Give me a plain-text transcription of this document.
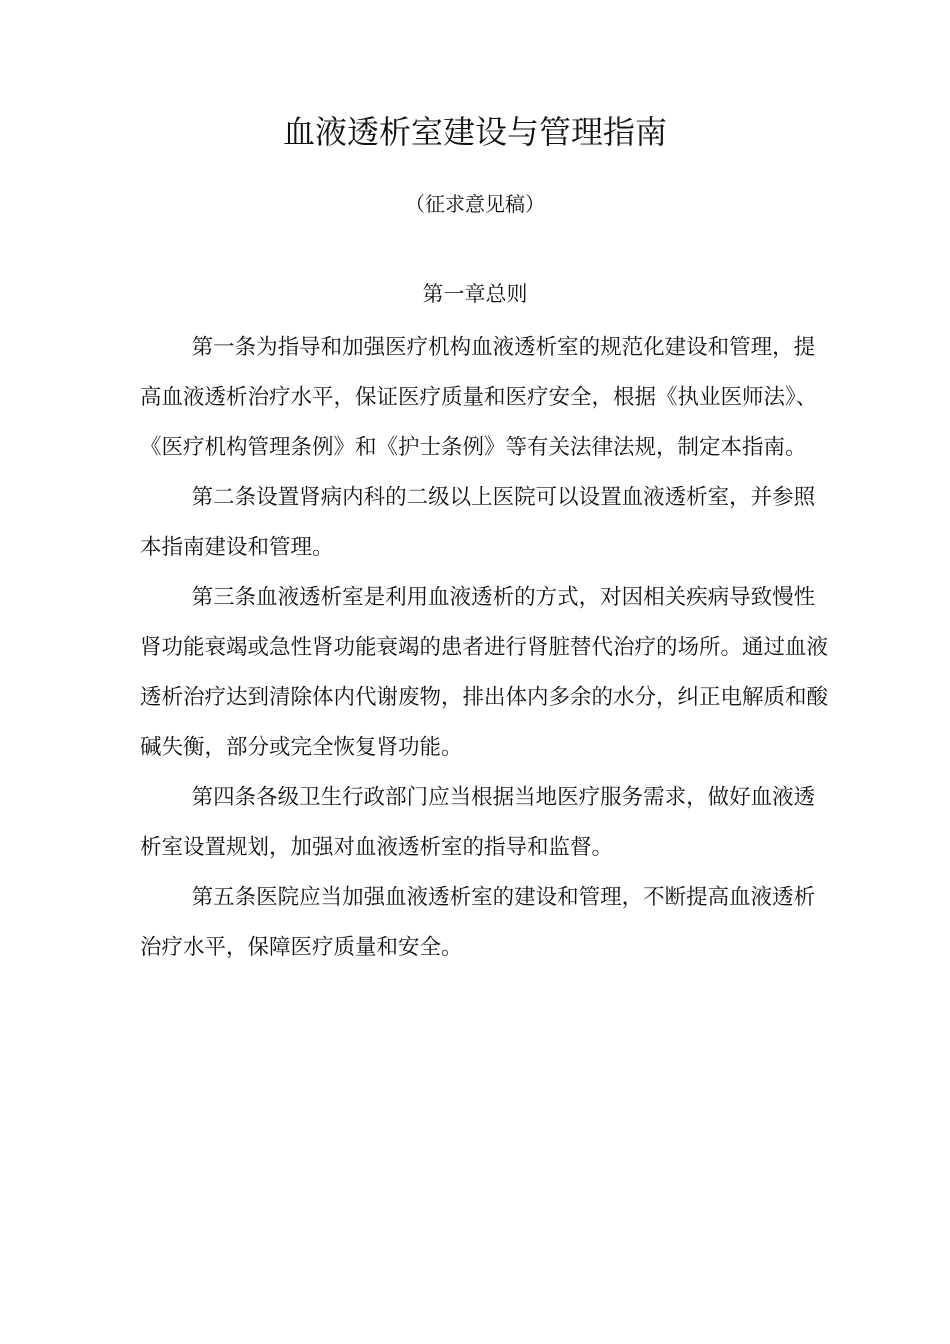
血液透析室建设与管理指南
（征求意见稿）
第一章总则

第一条为指导和加强医疗机构血液透析室的规范化建设和管理，提高血液透析治疗水平，保证医疗质量和医疗安全，根据《执业医师法》、《医疗机构管理条例》和《护士条例》等有关法律法规，制定本指南。

第二条设置肾病内科的二级以上医院可以设置血液透析室，并参照本指南建设和管理。

第三条血液透析室是利用血液透析的方式，对因相关疾病导致慢性肾功能衰竭或急性肾功能衰竭的患者进行肾脏替代治疗的场所。通过血液透析治疗达到清除体内代谢废物，排出体内多余的水分，纠正电解质和酸碱失衡，部分或完全恢复肾功能。

第四条各级卫生行政部门应当根据当地医疗服务需求，做好血液透析室设置规划，加强对血液透析室的指导和监督。

第五条医院应当加强血液透析室的建设和管理，不断提高血液透析治疗水平，保障医疗质量和安全。
